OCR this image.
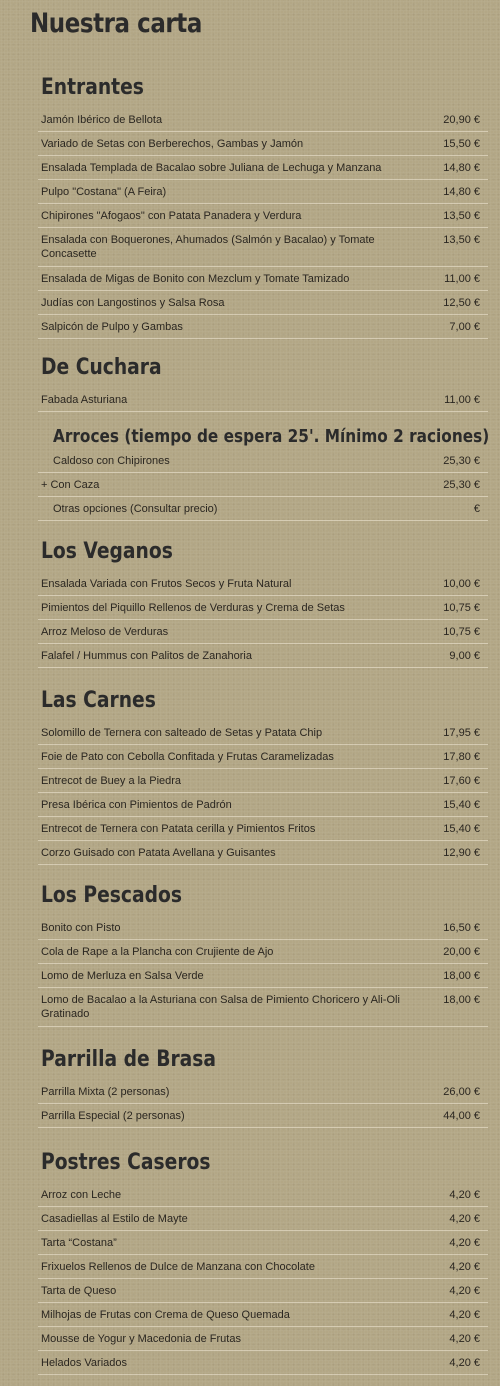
Nuestra carta
Entrantes
Jamón Ibérico de Bellota	20,90 €
Variado de Setas con Berberechos, Gambas y Jamón	15,50 €
Ensalada Templada de Bacalao sobre Juliana de Lechuga y Manzana	14,80 €
Pulpo "Costana" (A Feira)	14,80 €
Chipirones "Afogaos" con Patata Panadera y Verdura	13,50 €
Ensalada con Boquerones, Ahumados (Salmón y Bacalao) y Tomate Concasette
13,50 €
Ensalada de Migas de Bonito con Mezclum y Tomate Tamizado	11,00 €
Judías con Langostinos y Salsa Rosa	12,50 €
Salpicón de Pulpo y Gambas	7,00 €
De Cuchara
Fabada Asturiana	11,00 €
Arroces (tiempo de espera 25'. Mínimo 2 raciones)
Caldoso con Chipirones	25,30 €
+ Con Caza	25,30 €
Otras opciones (Consultar precio)	€
Los Veganos
Ensalada Variada con Frutos Secos y Fruta Natural	10,00 €
Pimientos del Piquillo Rellenos de Verduras y Crema de Setas	10,75 €
Arroz Meloso de Verduras	10,75 €
Falafel / Hummus con Palitos de Zanahoria	9,00 €
Las Carnes
Solomillo de Ternera con salteado de Setas y Patata Chip	17,95 €
Foie de Pato con Cebolla Confitada y Frutas Caramelizadas	17,80 €
Entrecot de Buey a la Piedra	17,60 €
Presa Ibérica con Pimientos de Padrón	15,40 €
Entrecot de Ternera con Patata cerilla y Pimientos Fritos	15,40 €
Corzo Guisado con Patata Avellana y Guisantes	12,90 €
Los Pescados
Bonito con Pisto	16,50 €
Cola de Rape a la Plancha con Crujiente de Ajo	20,00 €
Lomo de Merluza en Salsa Verde	18,00 €
Lomo de Bacalao a la Asturiana con Salsa de Pimiento Choricero y Ali-Oli Gratinado
18,00 €
Parrilla de Brasa
Parrilla Mixta (2 personas)	26,00 €
Parrilla Especial (2 personas)	44,00 €
Postres Caseros
Arroz con Leche	4,20 €
Casadiellas al Estilo de Mayte	4,20 €
Tarta “Costana”	4,20 €
Frixuelos Rellenos de Dulce de Manzana con Chocolate	4,20 €
Tarta de Queso	4,20 €
Milhojas de Frutas con Crema de Queso Quemada	4,20 €
Mousse de Yogur y Macedonia de Frutas	4,20 €
Helados Variados	4,20 €
